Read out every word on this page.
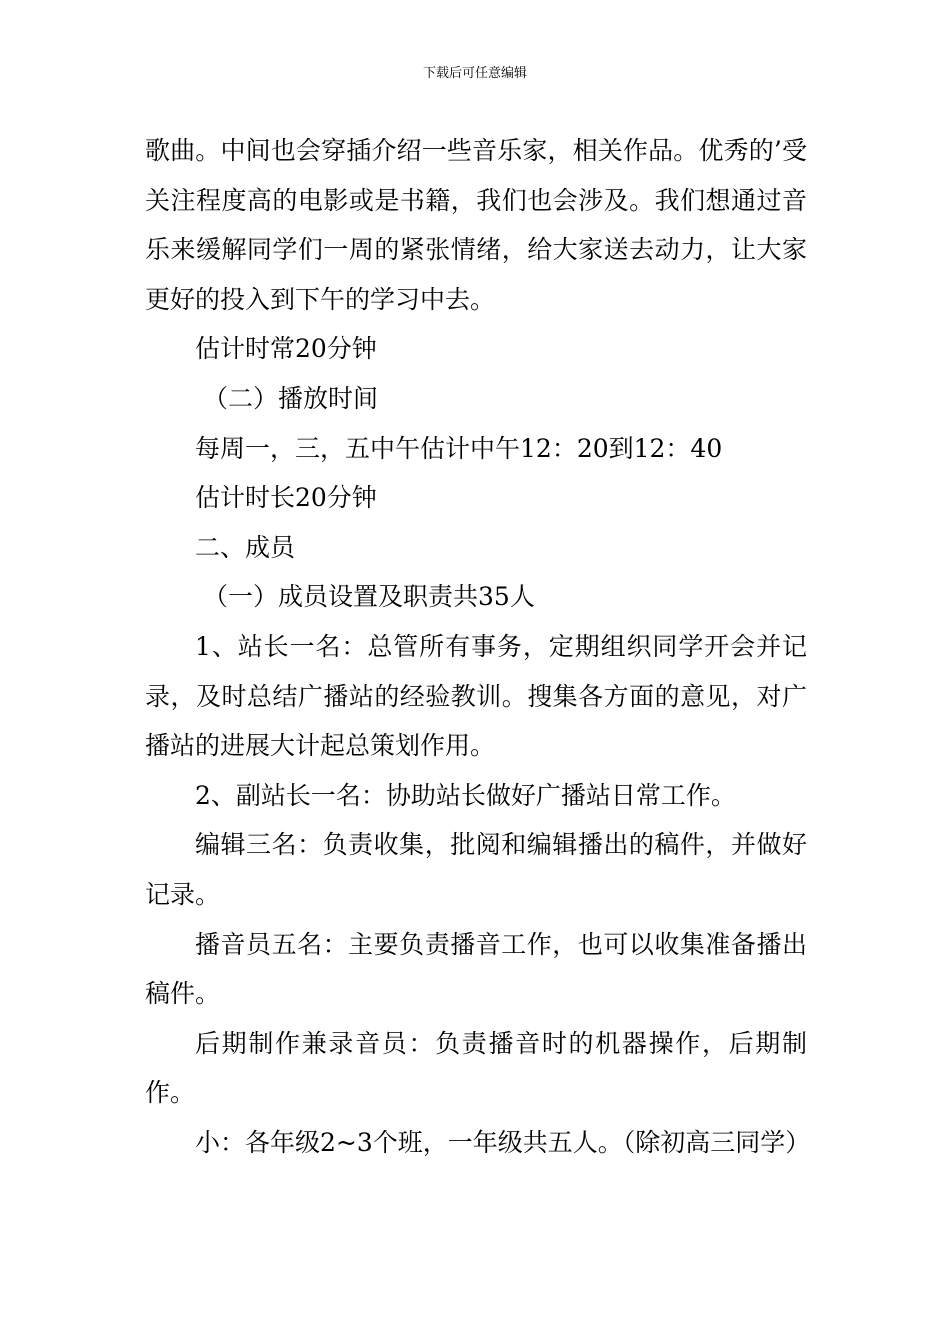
下载后可任意编辑

歌曲。中间也会穿插介绍一些音乐家，相关作品。优秀的’受关注程度高的电影或是书籍，我们也会涉及。我们想通过音乐来缓解同学们一周的紧张情绪，给大家送去动力，让大家更好的投入到下午的学习中去。

估计时常20分钟

（二）播放时间

每周一，三，五中午估计中午12：20到12：40

估计时长20分钟

二、成员

（一）成员设置及职责共35人

1、站长一名：总管所有事务，定期组织同学开会并记录，及时总结广播站的经验教训。搜集各方面的意见，对广播站的进展大计起总策划作用。

2、副站长一名：协助站长做好广播站日常工作。

编辑三名：负责收集，批阅和编辑播出的稿件，并做好记录。

播音员五名：主要负责播音工作，也可以收集准备播出稿件。

后期制作兼录音员：负责播音时的机器操作，后期制作。

小：各年级2~3个班，一年级共五人。（除初高三同学）
